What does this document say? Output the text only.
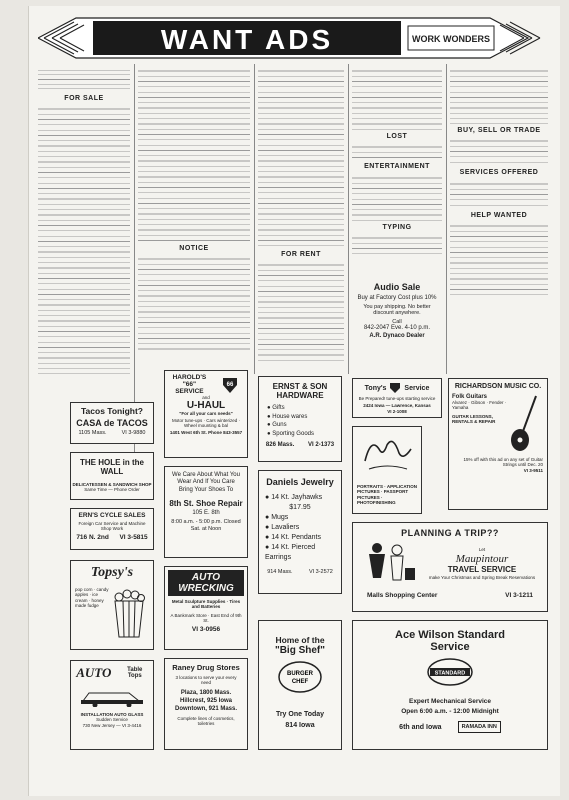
WANT ADS	WORK WONDERS
FOR SALE
NOTICE
FOR RENT
LOST
ENTERTAINMENT
TYPING
BUY, SELL OR TRADE
SERVICES OFFERED
HELP WANTED
Tacos Tonight?
CASA de TACOS
1105 Mass.	VI 3-9880
THE HOLE in the WALL
DELICATESSEN & SANDWICH SHOP
Same Time — Phone Order
ERN'S CYCLE SALES
Foreign Car Service and Machine Shop Work
716 N. 2nd VI 3-5815
Topsy's
pop corn · candy apples · ice cream · honey made fudge
AUTO	Table Tops
INSTALLATION AUTO GLASS
Sudden Service
730 New Jersey — VI 3-4416
HAROLD'S
"66"
SERVICE
66
and
U-HAUL
"For all your cars needs"
Motor tune-ups · Cars winterized · Wheel mounting & bal
1401 West 6th St. Phone 843-3557
We Care About What You Wear And If You Care Bring Your Shoes To
8th St. Shoe Repair
105 E. 8th
8:00 a.m. - 5:00 p.m. Closed Sat. at Noon
AUTO WRECKING
Metal Sculpture Supplies · Tires and Batteries
A Bankmark Store · East End of 9th St.
VI 3-0956
Raney Drug Stores
3 locations to serve your every need
Plaza, 1800 Mass. Hillcrest, 925 Iowa Downtown, 921 Mass.
Complete lines of cosmetics, toiletries
ERNST & SON
HARDWARE
● Gifts
● House wares
● Guns
● Sporting Goods
826 Mass. VI 2-1373
Daniels Jewelry
● 14 Kt. Jayhawks
$17.95
● Mugs
● Lavaliers
● 14 Kt. Pendants
● 14 Kt. Pierced Earrings
914 Mass.	VI 3-2572
Home of the
"Big Shef"
BURGER
CHEF
Try One Today
814 Iowa
Audio Sale
Buy at Factory Cost plus 10%
You pay shipping. No better discount anywhere.
Call
842-2047 Eve. 4-10 p.m.
A.R. Dynaco Dealer
Tony's	Service
Be Prepared! tune-ups starting service
2424 Iowa — Lawrence, Kansas
VI 2-1008
PORTRAITS · APPLICATION PICTURES · PASSPORT PICTURES · PHOTOFINISHING
RICHARDSON MUSIC CO.
Folk Guitars
Alvarez · Gibson · Fender · Yamaha
GUITAR LESSONS, RENTALS & REPAIR
15% off with this ad on any set of Guitar Strings until Dec. 20
VI 3-9511
PLANNING A TRIP??
Let
Maupintour
TRAVEL SERVICE
make Your Christmas and Spring Break Reservations
Malls Shopping Center	VI 3-1211
Ace Wilson Standard
Service
STANDARD
Expert Mechanical Service
Open 6:00 a.m. - 12:00 Midnight
6th and Iowa	RAMADA INN
